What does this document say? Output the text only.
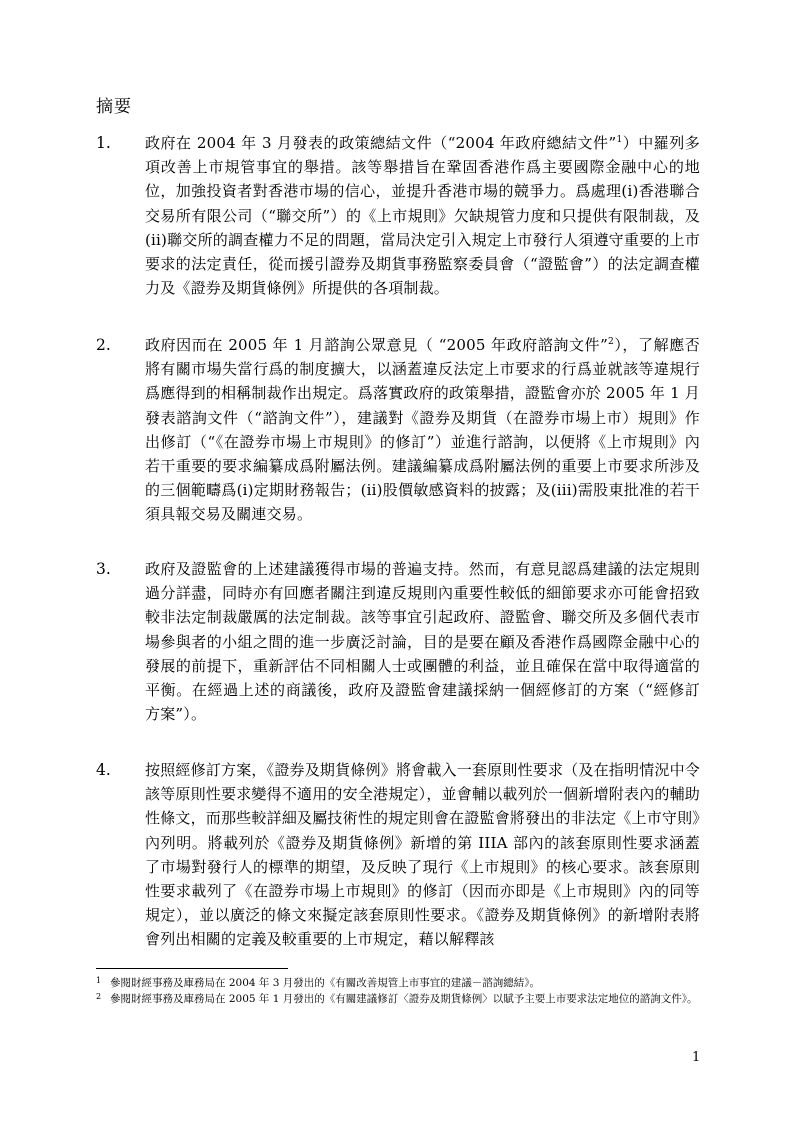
摘要
1. 政府在 2004 年 3 月發表的政策總結文件（“2004 年政府總結文件”$^1$）中羅列多項改善上市規管事宜的舉措。該等舉措旨在鞏固香港作爲主要國際金融中心的地位，加強投資者對香港市場的信心，並提升香港市場的競爭力。爲處理(i)香港聯合交易所有限公司（“聯交所”）的《上市規則》欠缺規管力度和只提供有限制裁，及(ii)聯交所的調查權力不足的問題，當局決定引入規定上市發行人須遵守重要的上市要求的法定責任，從而援引證券及期貨事務監察委員會（“證監會”）的法定調查權力及《證券及期貨條例》所提供的各項制裁。
2. 政府因而在 2005 年 1 月諮詢公眾意見（ “2005 年政府諮詢文件”$^2$），了解應否將有關市場失當行爲的制度擴大，以涵蓋違反法定上市要求的行爲並就該等違規行爲應得到的相稱制裁作出規定。爲落實政府的政策舉措，證監會亦於 2005 年 1 月發表諮詢文件（“諮詢文件”），建議對《證券及期貨（在證券市場上市）規則》作出修訂（“《在證券市場上市規則》的修訂”）並進行諮詢，以便將《上市規則》內若干重要的要求編纂成爲附屬法例。建議編纂成爲附屬法例的重要上市要求所涉及的三個範疇爲(i)定期財務報告；(ii)股價敏感資料的披露；及(iii)需股東批准的若干須具報交易及關連交易。
3. 政府及證監會的上述建議獲得市場的普遍支持。然而，有意見認爲建議的法定規則過分詳盡，同時亦有回應者關注到違反規則內重要性較低的細節要求亦可能會招致較非法定制裁嚴厲的法定制裁。該等事宜引起政府、證監會、聯交所及多個代表市場參與者的小組之間的進一步廣泛討論，目的是要在顧及香港作爲國際金融中心的發展的前提下，重新評估不同相關人士或團體的利益，並且確保在當中取得適當的平衡。在經過上述的商議後，政府及證監會建議採納一個經修訂的方案（“經修訂方案”）。
4. 按照經修訂方案，《證券及期貨條例》將會載入一套原則性要求（及在指明情況中令該等原則性要求變得不適用的安全港規定），並會輔以載列於一個新增附表內的輔助性條文，而那些較詳細及屬技術性的規定則會在證監會將發出的非法定《上市守則》內列明。將載列於《證券及期貨條例》新增的第 IIIA 部內的該套原則性要求涵蓋了市場對發行人的標準的期望，及反映了現行《上市規則》的核心要求。該套原則性要求載列了《在證券市場上市規則》的修訂（因而亦即是《上市規則》內的同等規定），並以廣泛的條文來擬定該套原則性要求。《證券及期貨條例》的新增附表將會列出相關的定義及較重要的上市規定，藉以解釋該
1 參閱財經事務及庫務局在 2004 年 3 月發出的《有關改善規管上市事宜的建議－諮詢總結》。
2 參閱財經事務及庫務局在 2005 年 1 月發出的《有關建議修訂〈證券及期貨條例〉以賦予主要上市要求法定地位的諮詢文件》。
1
